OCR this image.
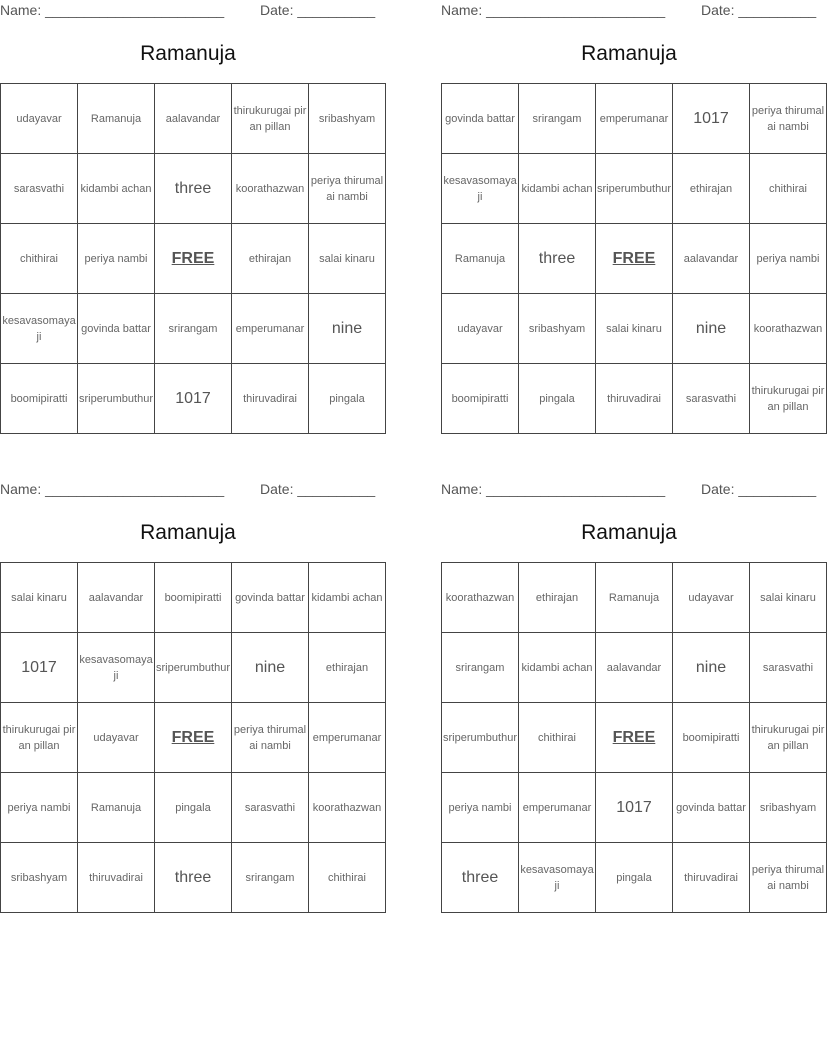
Name: _______________________	Date: __________
Ramanuja
udayavar	Ramanuja	aalavandar	thirukurugai piran pillan	sribashyam
sarasvathi	kidambi achan	three	koorathazwan	periya thirumalai nambi
chithirai	periya nambi	FREE	ethirajan	salai kinaru
kesavasomayaji	govinda battar	srirangam	emperumanar	nine
boomipiratti	sriperumbuthur	1017	thiruvadirai	pingala
Name: _______________________	Date: __________
Ramanuja
govinda battar	srirangam	emperumanar	1017	periya thirumalai nambi
kesavasomayaji	kidambi achan	sriperumbuthur	ethirajan	chithirai
Ramanuja	three	FREE	aalavandar	periya nambi
udayavar	sribashyam	salai kinaru	nine	koorathazwan
boomipiratti	pingala	thiruvadirai	sarasvathi	thirukurugai piran pillan
Name: _______________________	Date: __________
Ramanuja
salai kinaru	aalavandar	boomipiratti	govinda battar	kidambi achan
1017	kesavasomayaji	sriperumbuthur	nine	ethirajan
thirukurugai piran pillan	udayavar	FREE	periya thirumalai nambi	emperumanar
periya nambi	Ramanuja	pingala	sarasvathi	koorathazwan
sribashyam	thiruvadirai	three	srirangam	chithirai
Name: _______________________	Date: __________
Ramanuja
koorathazwan	ethirajan	Ramanuja	udayavar	salai kinaru
srirangam	kidambi achan	aalavandar	nine	sarasvathi
sriperumbuthur	chithirai	FREE	boomipiratti	thirukurugai piran pillan
periya nambi	emperumanar	1017	govinda battar	sribashyam
three	kesavasomayaji	pingala	thiruvadirai	periya thirumalai nambi
